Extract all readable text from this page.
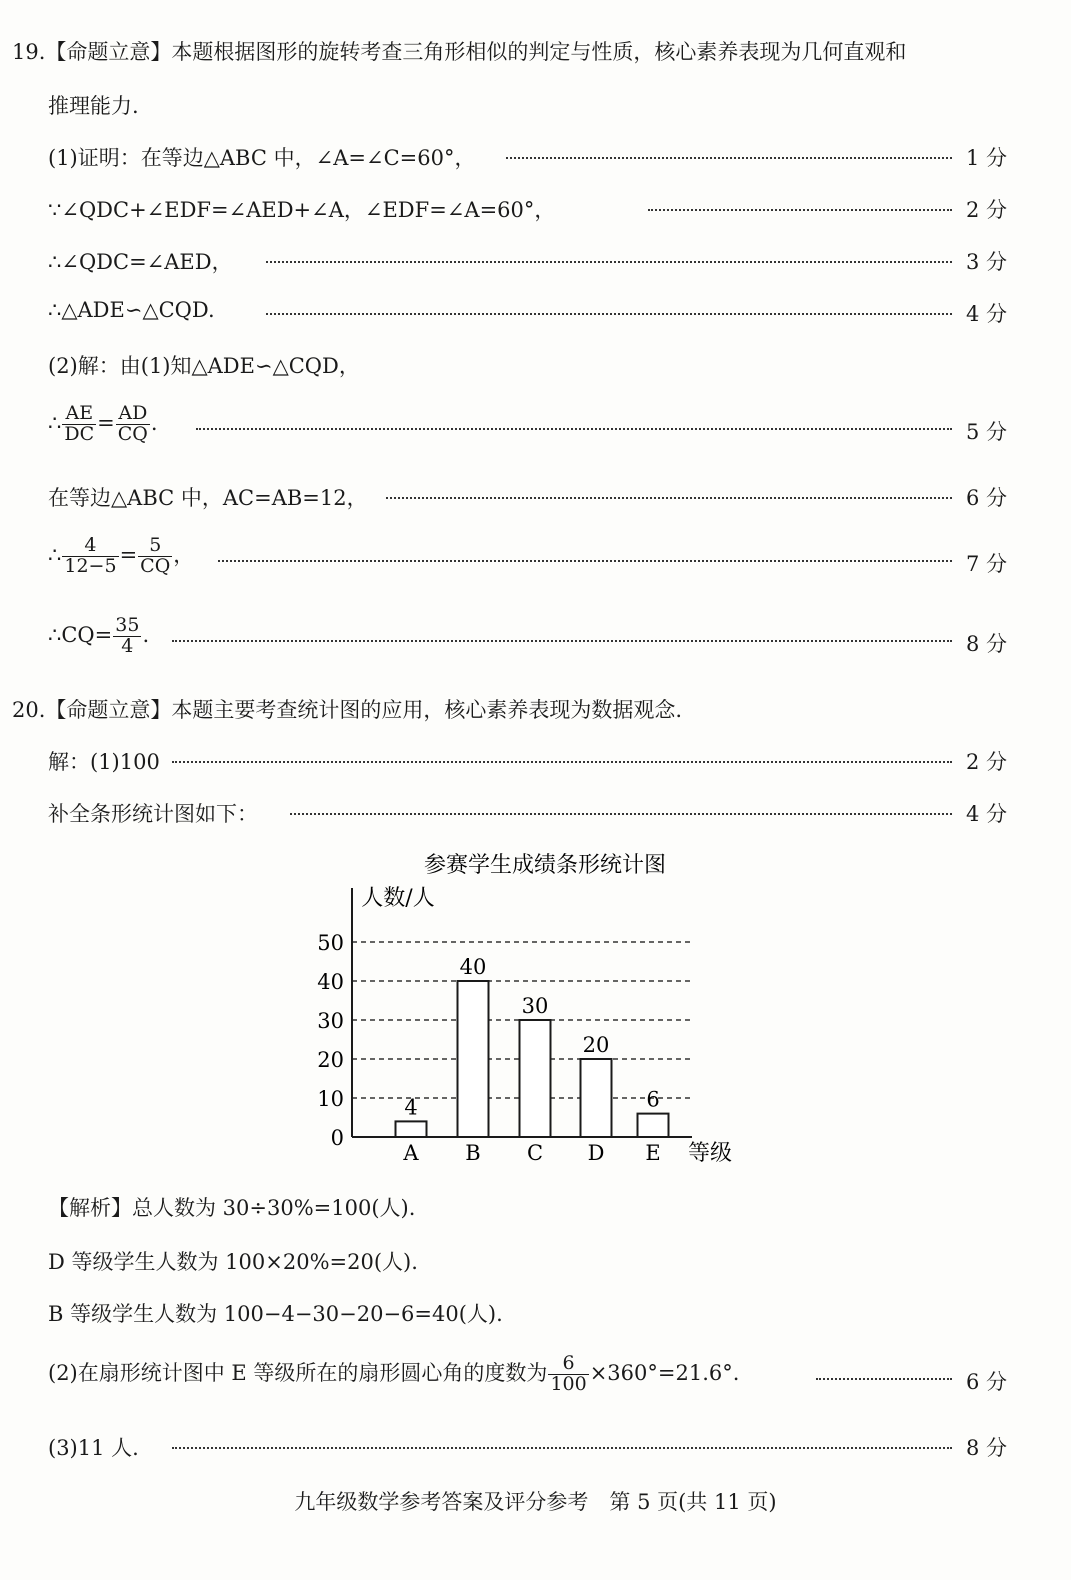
19.【命题立意】本题根据图形的旋转考查三角形相似的判定与性质，核心素养表现为几何直观和
推理能力.
(1)证明：在等边△ABC 中，∠A=∠C=60°，	1 分
∵∠QDC+∠EDF=∠AED+∠A，∠EDF=∠A=60°，	2 分
∴∠QDC=∠AED，	3 分
∴△ADE∽△CQD.	4 分
(2)解：由(1)知△ADE∽△CQD，
∴ $\frac{AE}{DC} = \frac{AD}{CQ}$ .	5 分
在等边△ABC 中，AC=AB=12，	6 分
∴ $\frac{4}{12-5} = \frac{5}{CQ}$ ，	7 分
∴CQ= $\frac{35}{4}$ .	8 分
20.【命题立意】本题主要考查统计图的应用，核心素养表现为数据观念.
解：(1)100	2 分
补全条形统计图如下：	4 分
参赛学生成绩条形统计图
人数/人
等级
0
10
20
30
40
50
4
A
40
B
30
C
20
D
6
E
【解析】总人数为 30÷30%=100(人).
D 等级学生人数为 100×20%=20(人).
B 等级学生人数为 100−4−30−20−6=40(人).
(2)在扇形统计图中 E 等级所在的扇形圆心角的度数为 $\frac{6}{100} \times 360^\circ=21.6^\circ$.	6 分
(3)11 人.	8 分
九年级数学参考答案及评分参考　第 5 页(共 11 页)
